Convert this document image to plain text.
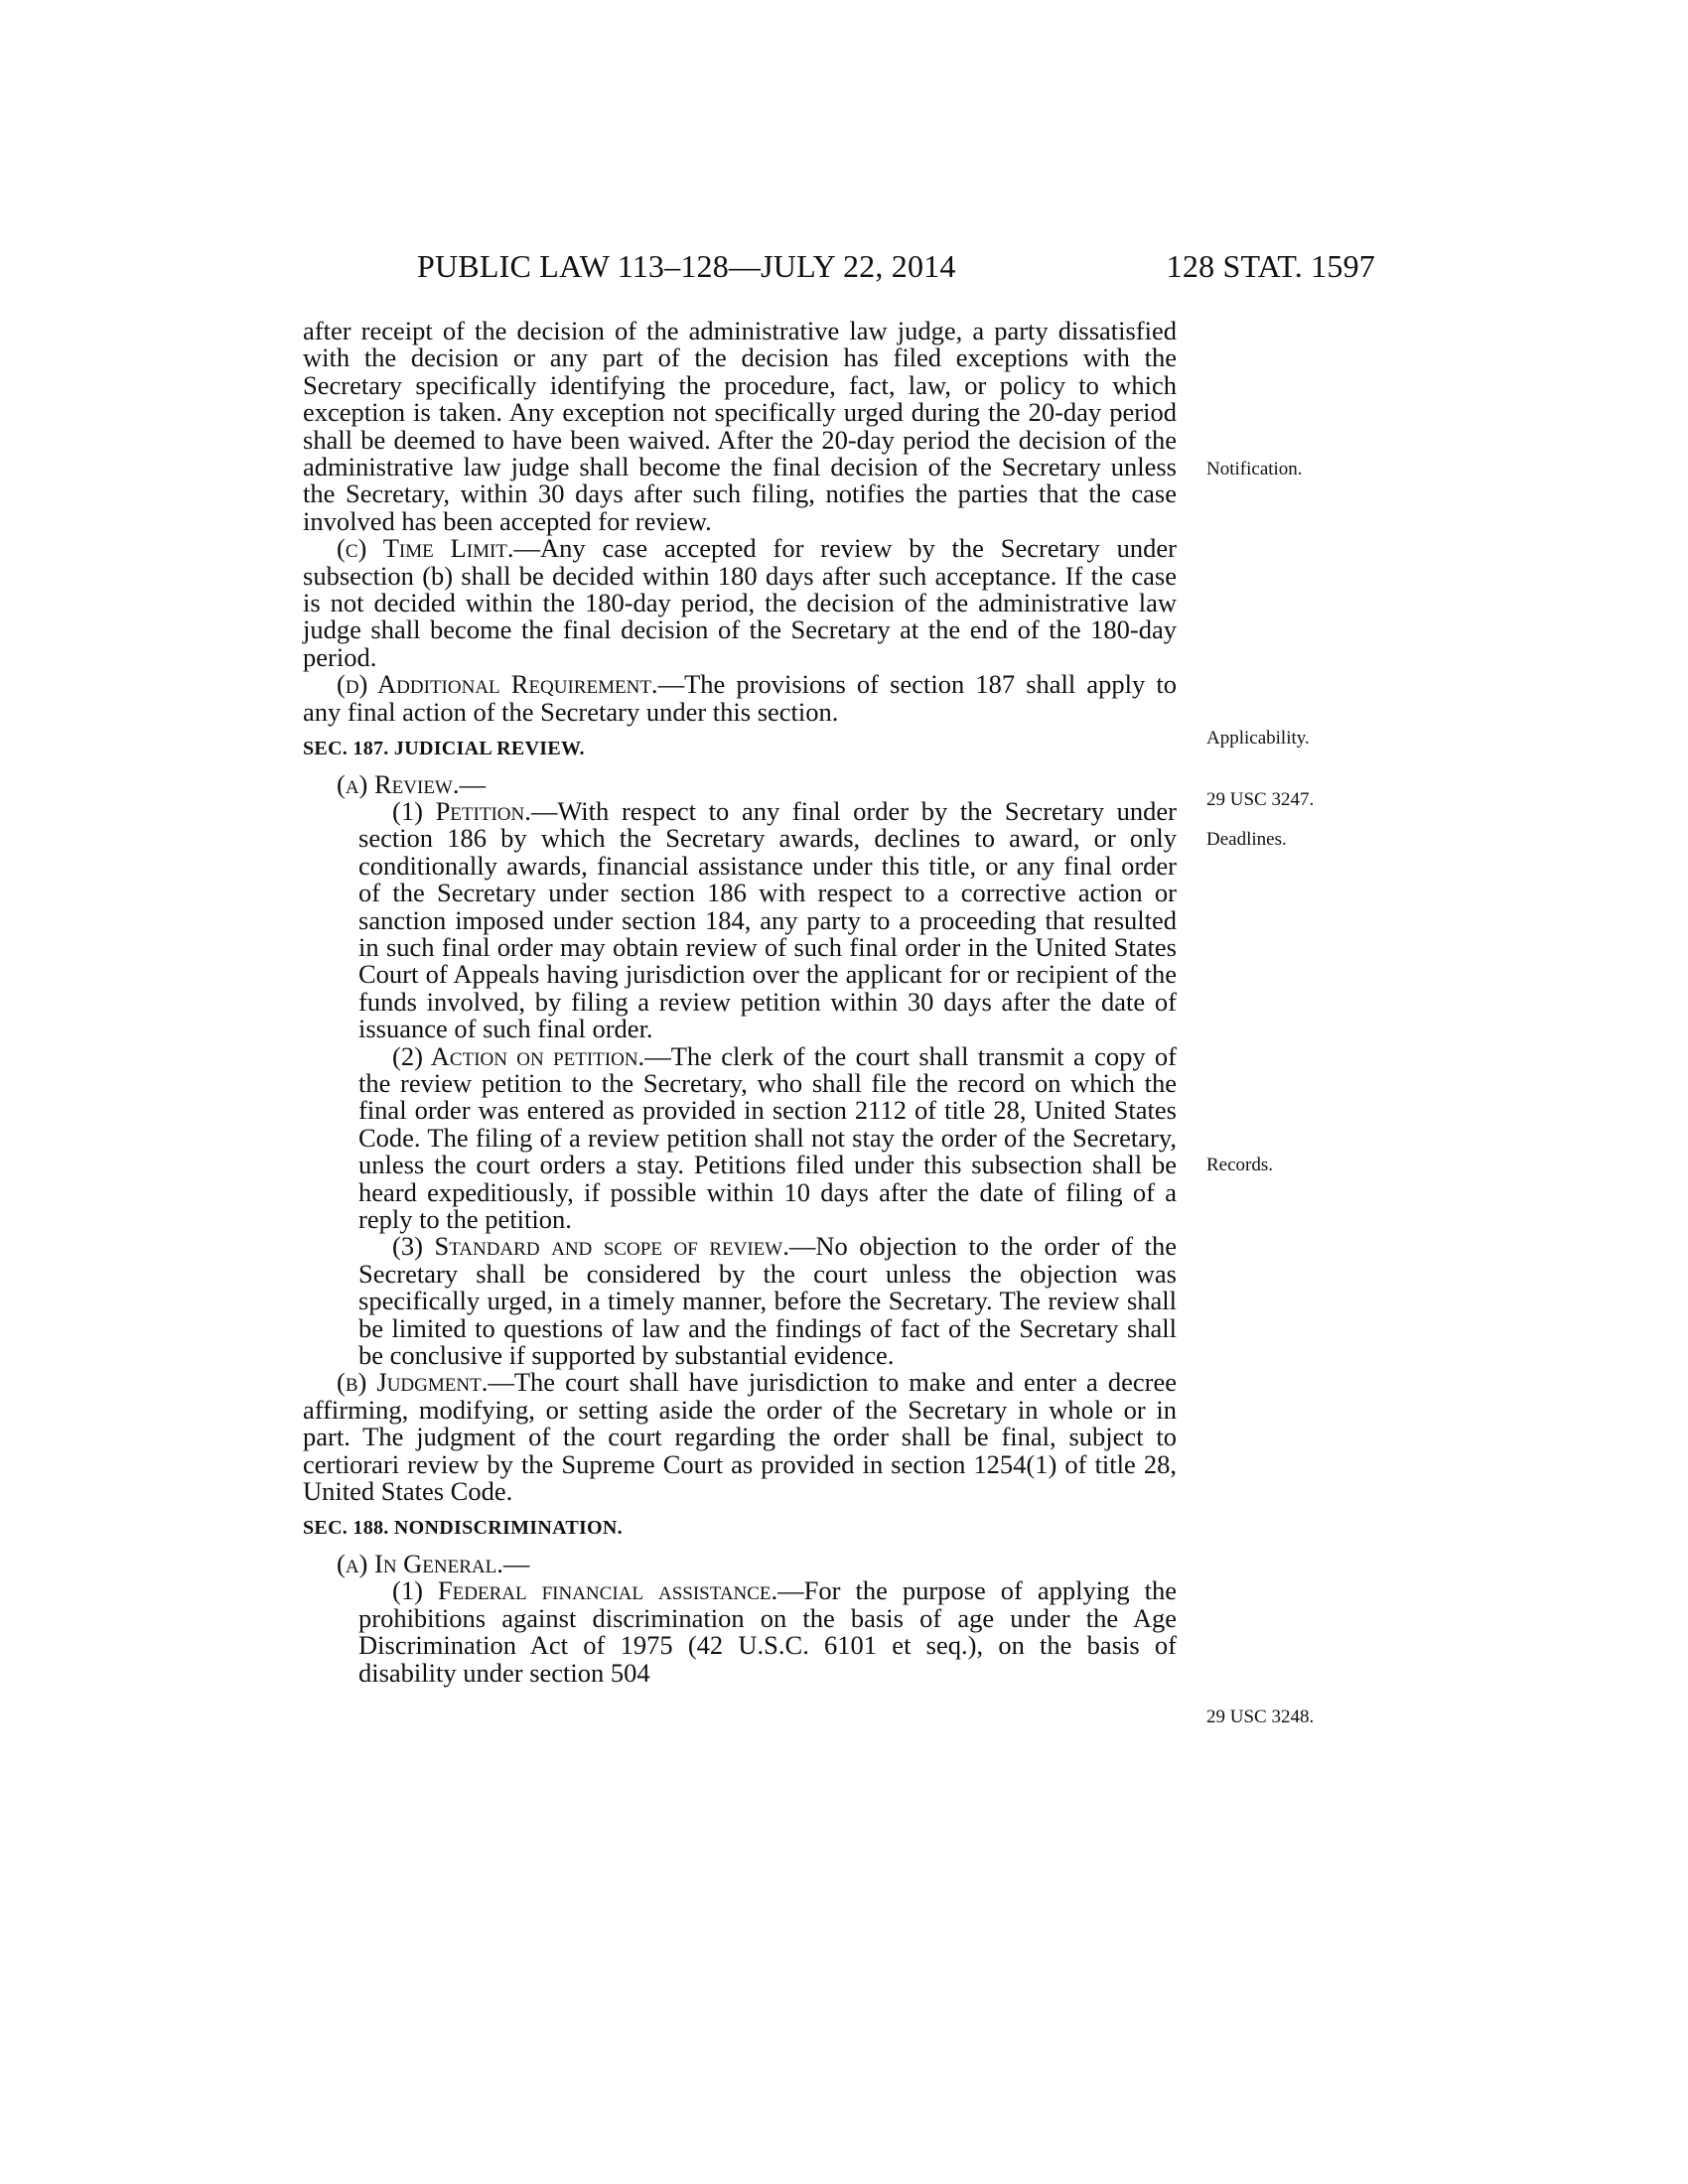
PUBLIC LAW 113–128—JULY 22, 2014	128 STAT. 1597

after receipt of the decision of the administrative law judge, a party dissatisfied with the decision or any part of the decision has filed exceptions with the Secretary specifically identifying the procedure, fact, law, or policy to which exception is taken. Any exception not specifically urged during the 20-day period shall be deemed to have been waived. After the 20-day period the decision of the administrative law judge shall become the final decision of the Secretary unless the Secretary, within 30 days after such filing, notifies the parties that the case involved has been accepted for review.

(c) Time Limit.—Any case accepted for review by the Secretary under subsection (b) shall be decided within 180 days after such acceptance. If the case is not decided within the 180-day period, the decision of the administrative law judge shall become the final decision of the Secretary at the end of the 180-day period.

(d) Additional Requirement.—The provisions of section 187 shall apply to any final action of the Secretary under this section.

SEC. 187. JUDICIAL REVIEW.

(a) Review.—

(1) Petition.—With respect to any final order by the Secretary under section 186 by which the Secretary awards, declines to award, or only conditionally awards, financial assistance under this title, or any final order of the Secretary under section 186 with respect to a corrective action or sanction imposed under section 184, any party to a proceeding that resulted in such final order may obtain review of such final order in the United States Court of Appeals having jurisdiction over the applicant for or recipient of the funds involved, by filing a review petition within 30 days after the date of issuance of such final order.

(2) Action on petition.—The clerk of the court shall transmit a copy of the review petition to the Secretary, who shall file the record on which the final order was entered as provided in section 2112 of title 28, United States Code. The filing of a review petition shall not stay the order of the Secretary, unless the court orders a stay. Petitions filed under this subsection shall be heard expeditiously, if possible within 10 days after the date of filing of a reply to the petition.

(3) Standard and scope of review.—No objection to the order of the Secretary shall be considered by the court unless the objection was specifically urged, in a timely manner, before the Secretary. The review shall be limited to questions of law and the findings of fact of the Secretary shall be conclusive if supported by substantial evidence.

(b) Judgment.—The court shall have jurisdiction to make and enter a decree affirming, modifying, or setting aside the order of the Secretary in whole or in part. The judgment of the court regarding the order shall be final, subject to certiorari review by the Supreme Court as provided in section 1254(1) of title 28, United States Code.

SEC. 188. NONDISCRIMINATION.

(a) In General.—

(1) Federal financial assistance.—For the purpose of applying the prohibitions against discrimination on the basis of age under the Age Discrimination Act of 1975 (42 U.S.C. 6101 et seq.), on the basis of disability under section 504

Notification.
Applicability.
29 USC 3247.
Deadlines.
Records.
29 USC 3248.
